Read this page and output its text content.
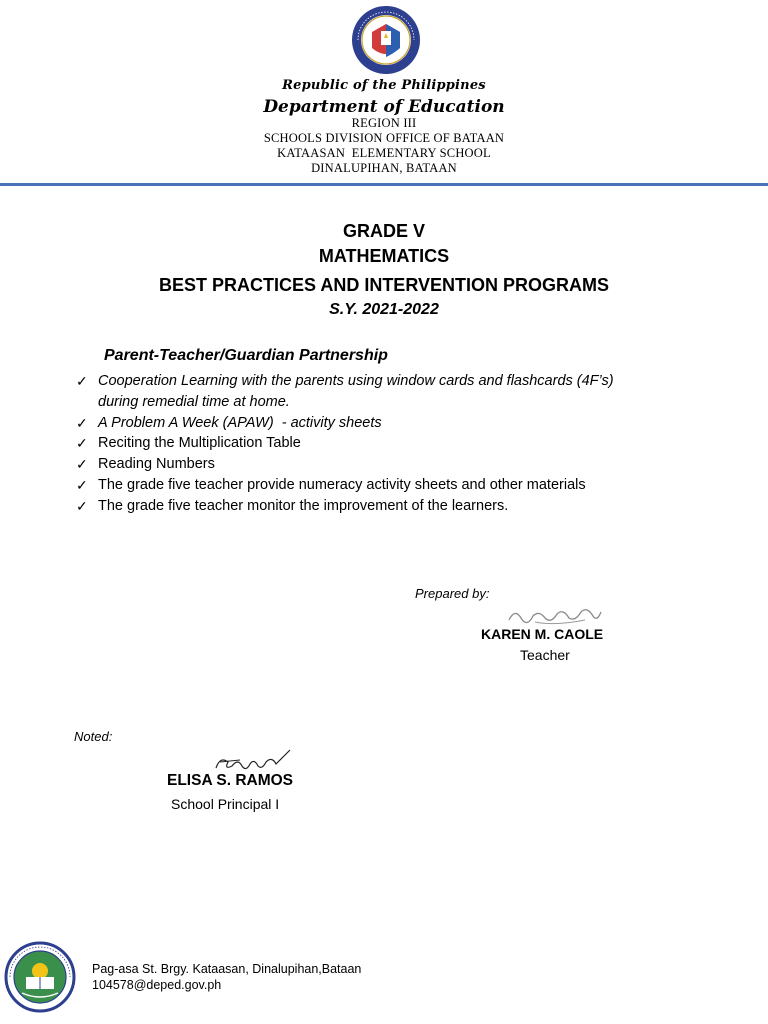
Republic of the Philippines
Department of Education
REGION III
SCHOOLS DIVISION OFFICE OF BATAAN
KATAASAN  ELEMENTARY SCHOOL
DINALUPIHAN, BATAAN
GRADE V
MATHEMATICS
BEST PRACTICES AND INTERVENTION PROGRAMS
S.Y. 2021-2022
Parent-Teacher/Guardian Partnership
✓ Cooperation Learning with the parents using window cards and flashcards (4F’s)
during remedial time at home.
✓ A Problem A Week (APAW)  - activity sheets
✓ Reciting the Multiplication Table
✓ Reading Numbers
✓ The grade five teacher provide numeracy activity sheets and other materials
✓ The grade five teacher monitor the improvement of the learners.
Prepared by:
KAREN M. CAOLE
Teacher
Noted:
ELISA S. RAMOS
School Principal I
Pag-asa St. Brgy. Kataasan, Dinalupihan,Bataan
104578@deped.gov.ph
